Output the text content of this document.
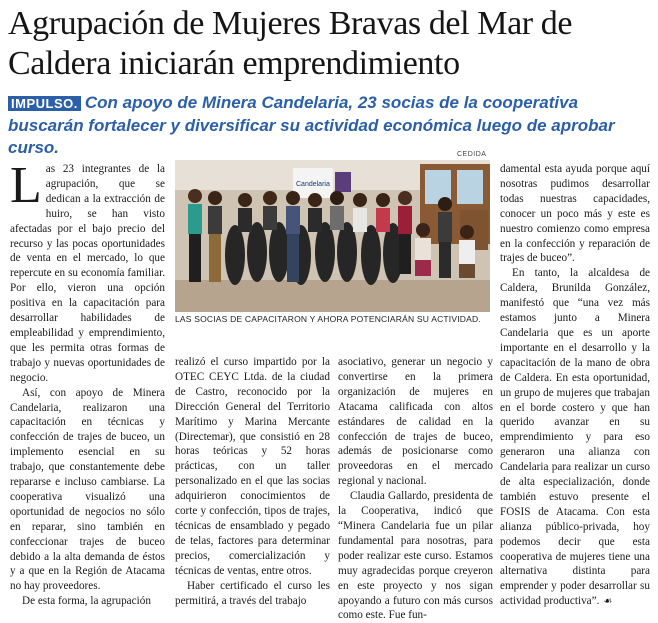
Agrupación de Mujeres Bravas del Mar de Caldera iniciarán emprendimiento

IMPULSO. Con apoyo de Minera Candelaria, 23 socias de la cooperativa buscarán fortalecer y diversificar su actividad económica luego de aprobar curso.

Las 23 integrantes de la agrupación, que se dedican a la extracción de huiro, se han visto afectadas por el bajo precio del recurso y las pocas oportunidades de venta en el mercado, lo que repercute en su economía familiar. Por ello, vieron una opción positiva en la capacitación para desarrollar habilidades de empleabilidad y emprendimiento, que les permita otras formas de trabajo y nuevas oportunidades de negocio.

Así, con apoyo de Minera Candelaria, realizaron una capacitación en técnicas y confección de trajes de buceo, un implemento esencial en su trabajo, que constantemente debe repararse e incluso cambiarse. La cooperativa visualizó una oportunidad de negocios no sólo en reparar, sino también en confeccionar trajes de buceo debido a la alta demanda de éstos y a que en la Región de Atacama no hay proveedores.

De esta forma, la agrupación

CEDIDA
Candelaria
LAS SOCIAS DE CAPACITARON Y AHORA POTENCIARÁN SU ACTIVIDAD.

realizó el curso impartido por la OTEC CEYC Ltda. de la ciudad de Castro, reconocido por la Dirección General del Territorio Marítimo y Marina Mercante (Directemar), que consistió en 28 horas teóricas y 52 horas prácticas, con un taller personalizado en el que las socias adquirieron conocimientos de corte y confección, tipos de trajes, técnicas de ensamblado y pegado de telas, factores para determinar precios, comercialización y técnicas de ventas, entre otros.

Haber certificado el curso les permitirá, a través del trabajo

asociativo, generar un negocio y convertirse en la primera organización de mujeres en Atacama calificada con altos estándares de calidad en la confección de trajes de buceo, además de posicionarse como proveedoras en el mercado regional y nacional.

Claudia Gallardo, presidenta de la Cooperativa, indicó que “Minera Candelaria fue un pilar fundamental para nosotras, para poder realizar este curso. Estamos muy agradecidas porque creyeron en este proyecto y nos sigan apoyando a futuro con más cursos como este. Fue fun-

damental esta ayuda porque aquí nosotras pudimos desarrollar todas nuestras capacidades, conocer un poco más y este es nuestro comienzo como empresa en la confección y reparación de trajes de buceo”.

En tanto, la alcaldesa de Caldera, Brunilda González, manifestó que “una vez más estamos junto a Minera Candelaria que es un aporte importante en el desarrollo y la capacitación de la mano de obra de Caldera. En esta oportunidad, un grupo de mujeres que trabajan en el borde costero y que han querido avanzar en su emprendimiento y para eso generaron una alianza con Candelaria para realizar un curso de alta especialización, donde también estuvo presente el FOSIS de Atacama. Con esta alianza público-privada, hoy podemos decir que esta cooperativa de mujeres tiene una alternativa distinta para emprender y poder desarrollar su actividad productiva”. ☙
